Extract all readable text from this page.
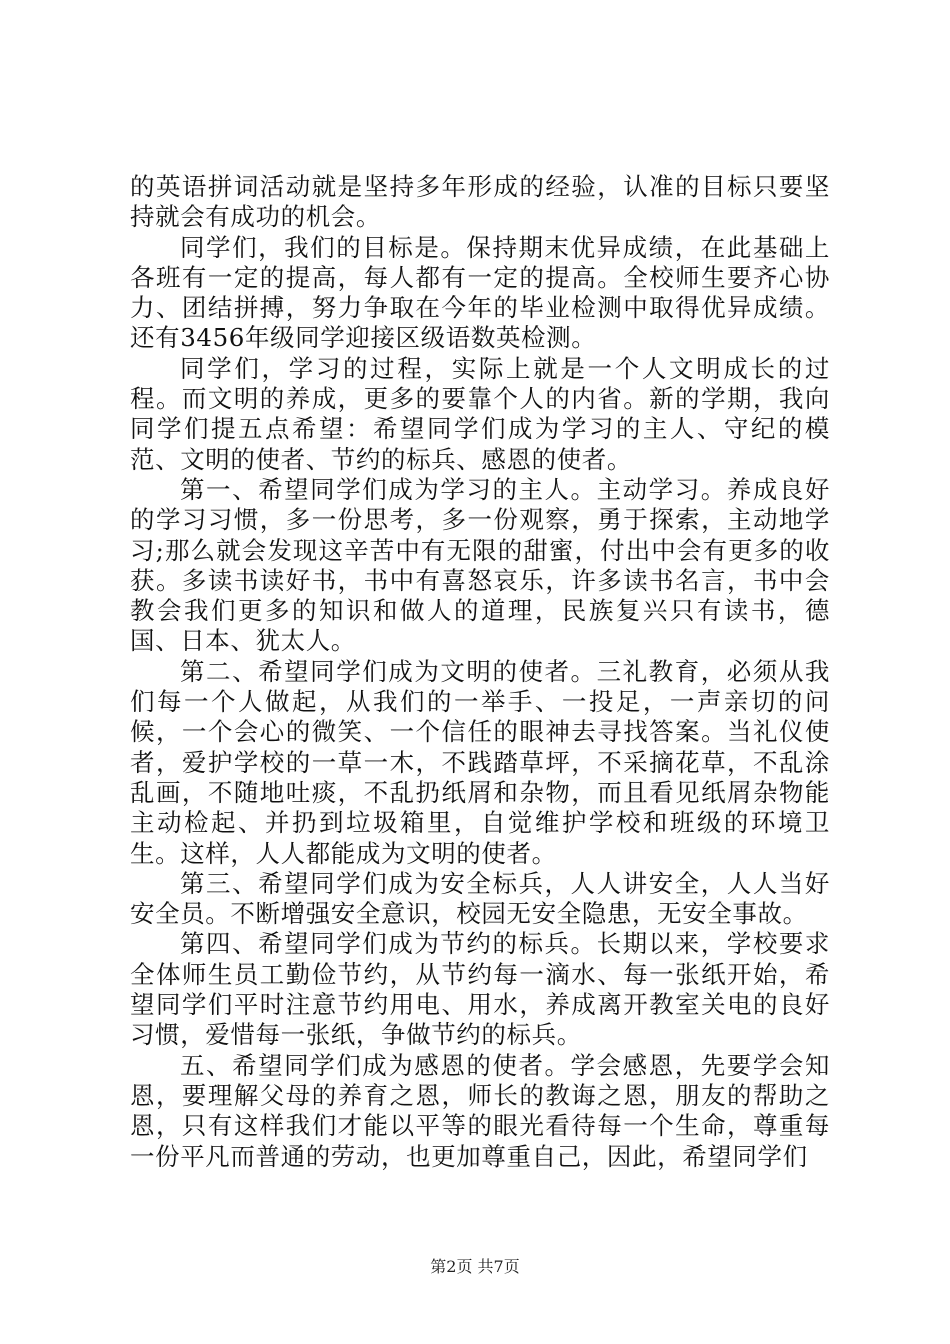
的英语拼词活动就是坚持多年形成的经验，认准的目标只要坚持就会有成功的机会。

同学们，我们的目标是。保持期末优异成绩，在此基础上各班有一定的提高，每人都有一定的提高。全校师生要齐心协力、团结拼搏，努力争取在今年的毕业检测中取得优异成绩。还有3456年级同学迎接区级语数英检测。

同学们，学习的过程，实际上就是一个人文明成长的过程。而文明的养成，更多的要靠个人的内省。新的学期，我向同学们提五点希望：希望同学们成为学习的主人、守纪的模范、文明的使者、节约的标兵、感恩的使者。

第一、希望同学们成为学习的主人。主动学习。养成良好的学习习惯，多一份思考，多一份观察，勇于探索，主动地学习;那么就会发现这辛苦中有无限的甜蜜，付出中会有更多的收获。多读书读好书，书中有喜怒哀乐，许多读书名言，书中会教会我们更多的知识和做人的道理，民族复兴只有读书，德国、日本、犹太人。

第二、希望同学们成为文明的使者。三礼教育，必须从我们每一个人做起，从我们的一举手、一投足，一声亲切的问候，一个会心的微笑、一个信任的眼神去寻找答案。当礼仪使者，爱护学校的一草一木，不践踏草坪，不采摘花草，不乱涂乱画，不随地吐痰，不乱扔纸屑和杂物，而且看见纸屑杂物能主动检起、并扔到垃圾箱里，自觉维护学校和班级的环境卫生。这样，人人都能成为文明的使者。

第三、希望同学们成为安全标兵，人人讲安全，人人当好安全员。不断增强安全意识，校园无安全隐患，无安全事故。

第四、希望同学们成为节约的标兵。长期以来，学校要求全体师生员工勤俭节约，从节约每一滴水、每一张纸开始，希望同学们平时注意节约用电、用水，养成离开教室关电的良好习惯，爱惜每一张纸，争做节约的标兵。

五、希望同学们成为感恩的使者。学会感恩，先要学会知恩，要理解父母的养育之恩，师长的教诲之恩，朋友的帮助之恩，只有这样我们才能以平等的眼光看待每一个生命，尊重每一份平凡而普通的劳动，也更加尊重自己，因此，希望同学们

第2页 共7页
